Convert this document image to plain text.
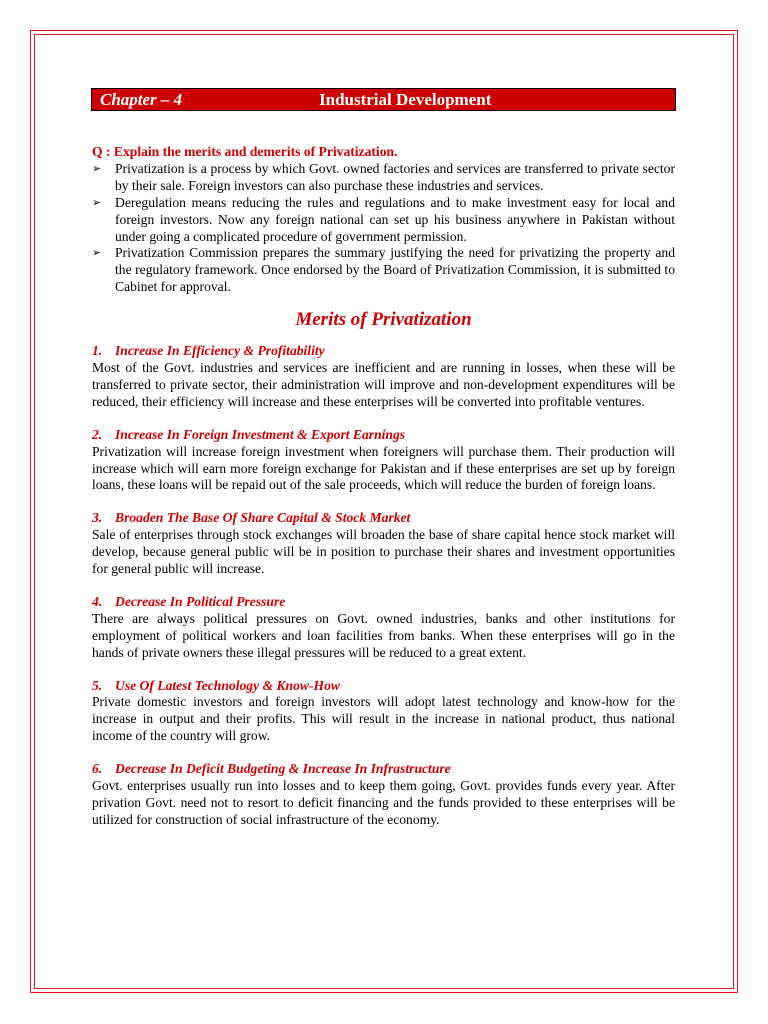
Chapter – 4	Industrial Development

Q : Explain the merits and demerits of Privatization.

➢ Privatization is a process by which Govt. owned factories and services are transferred to private sector by their sale. Foreign investors can also purchase these industries and services.
➢ Deregulation means reducing the rules and regulations and to make investment easy for local and foreign investors. Now any foreign national can set up his business anywhere in Pakistan without under going a complicated procedure of government permission.
➢ Privatization Commission prepares the summary justifying the need for privatizing the property and the regulatory framework. Once endorsed by the Board of Privatization Commission, it is submitted to Cabinet for approval.
Merits of Privatization

1. Increase In Efficiency & Profitability

Most of the Govt. industries and services are inefficient and are running in losses, when these will be transferred to private sector, their administration will improve and non-development expenditures will be reduced, their efficiency will increase and these enterprises will be converted into profitable ventures.

2. Increase In Foreign Investment & Export Earnings

Privatization will increase foreign investment when foreigners will purchase them. Their production will increase which will earn more foreign exchange for Pakistan and if these enterprises are set up by foreign loans, these loans will be repaid out of the sale proceeds, which will reduce the burden of foreign loans.

3. Broaden The Base Of Share Capital & Stock Market

Sale of enterprises through stock exchanges will broaden the base of share capital hence stock market will develop, because general public will be in position to purchase their shares and investment opportunities for general public will increase.

4. Decrease In Political Pressure

There are always political pressures on Govt. owned industries, banks and other institutions for employment of political workers and loan facilities from banks. When these enterprises will go in the hands of private owners these illegal pressures will be reduced to a great extent.

5. Use Of Latest Technology & Know-How

Private domestic investors and foreign investors will adopt latest technology and know-how for the increase in output and their profits. This will result in the increase in national product, thus national income of the country will grow.

6. Decrease In Deficit Budgeting & Increase In Infrastructure

Govt. enterprises usually run into losses and to keep them going, Govt. provides funds every year. After privation Govt. need not to resort to deficit financing and the funds provided to these enterprises will be utilized for construction of social infrastructure of the economy.
